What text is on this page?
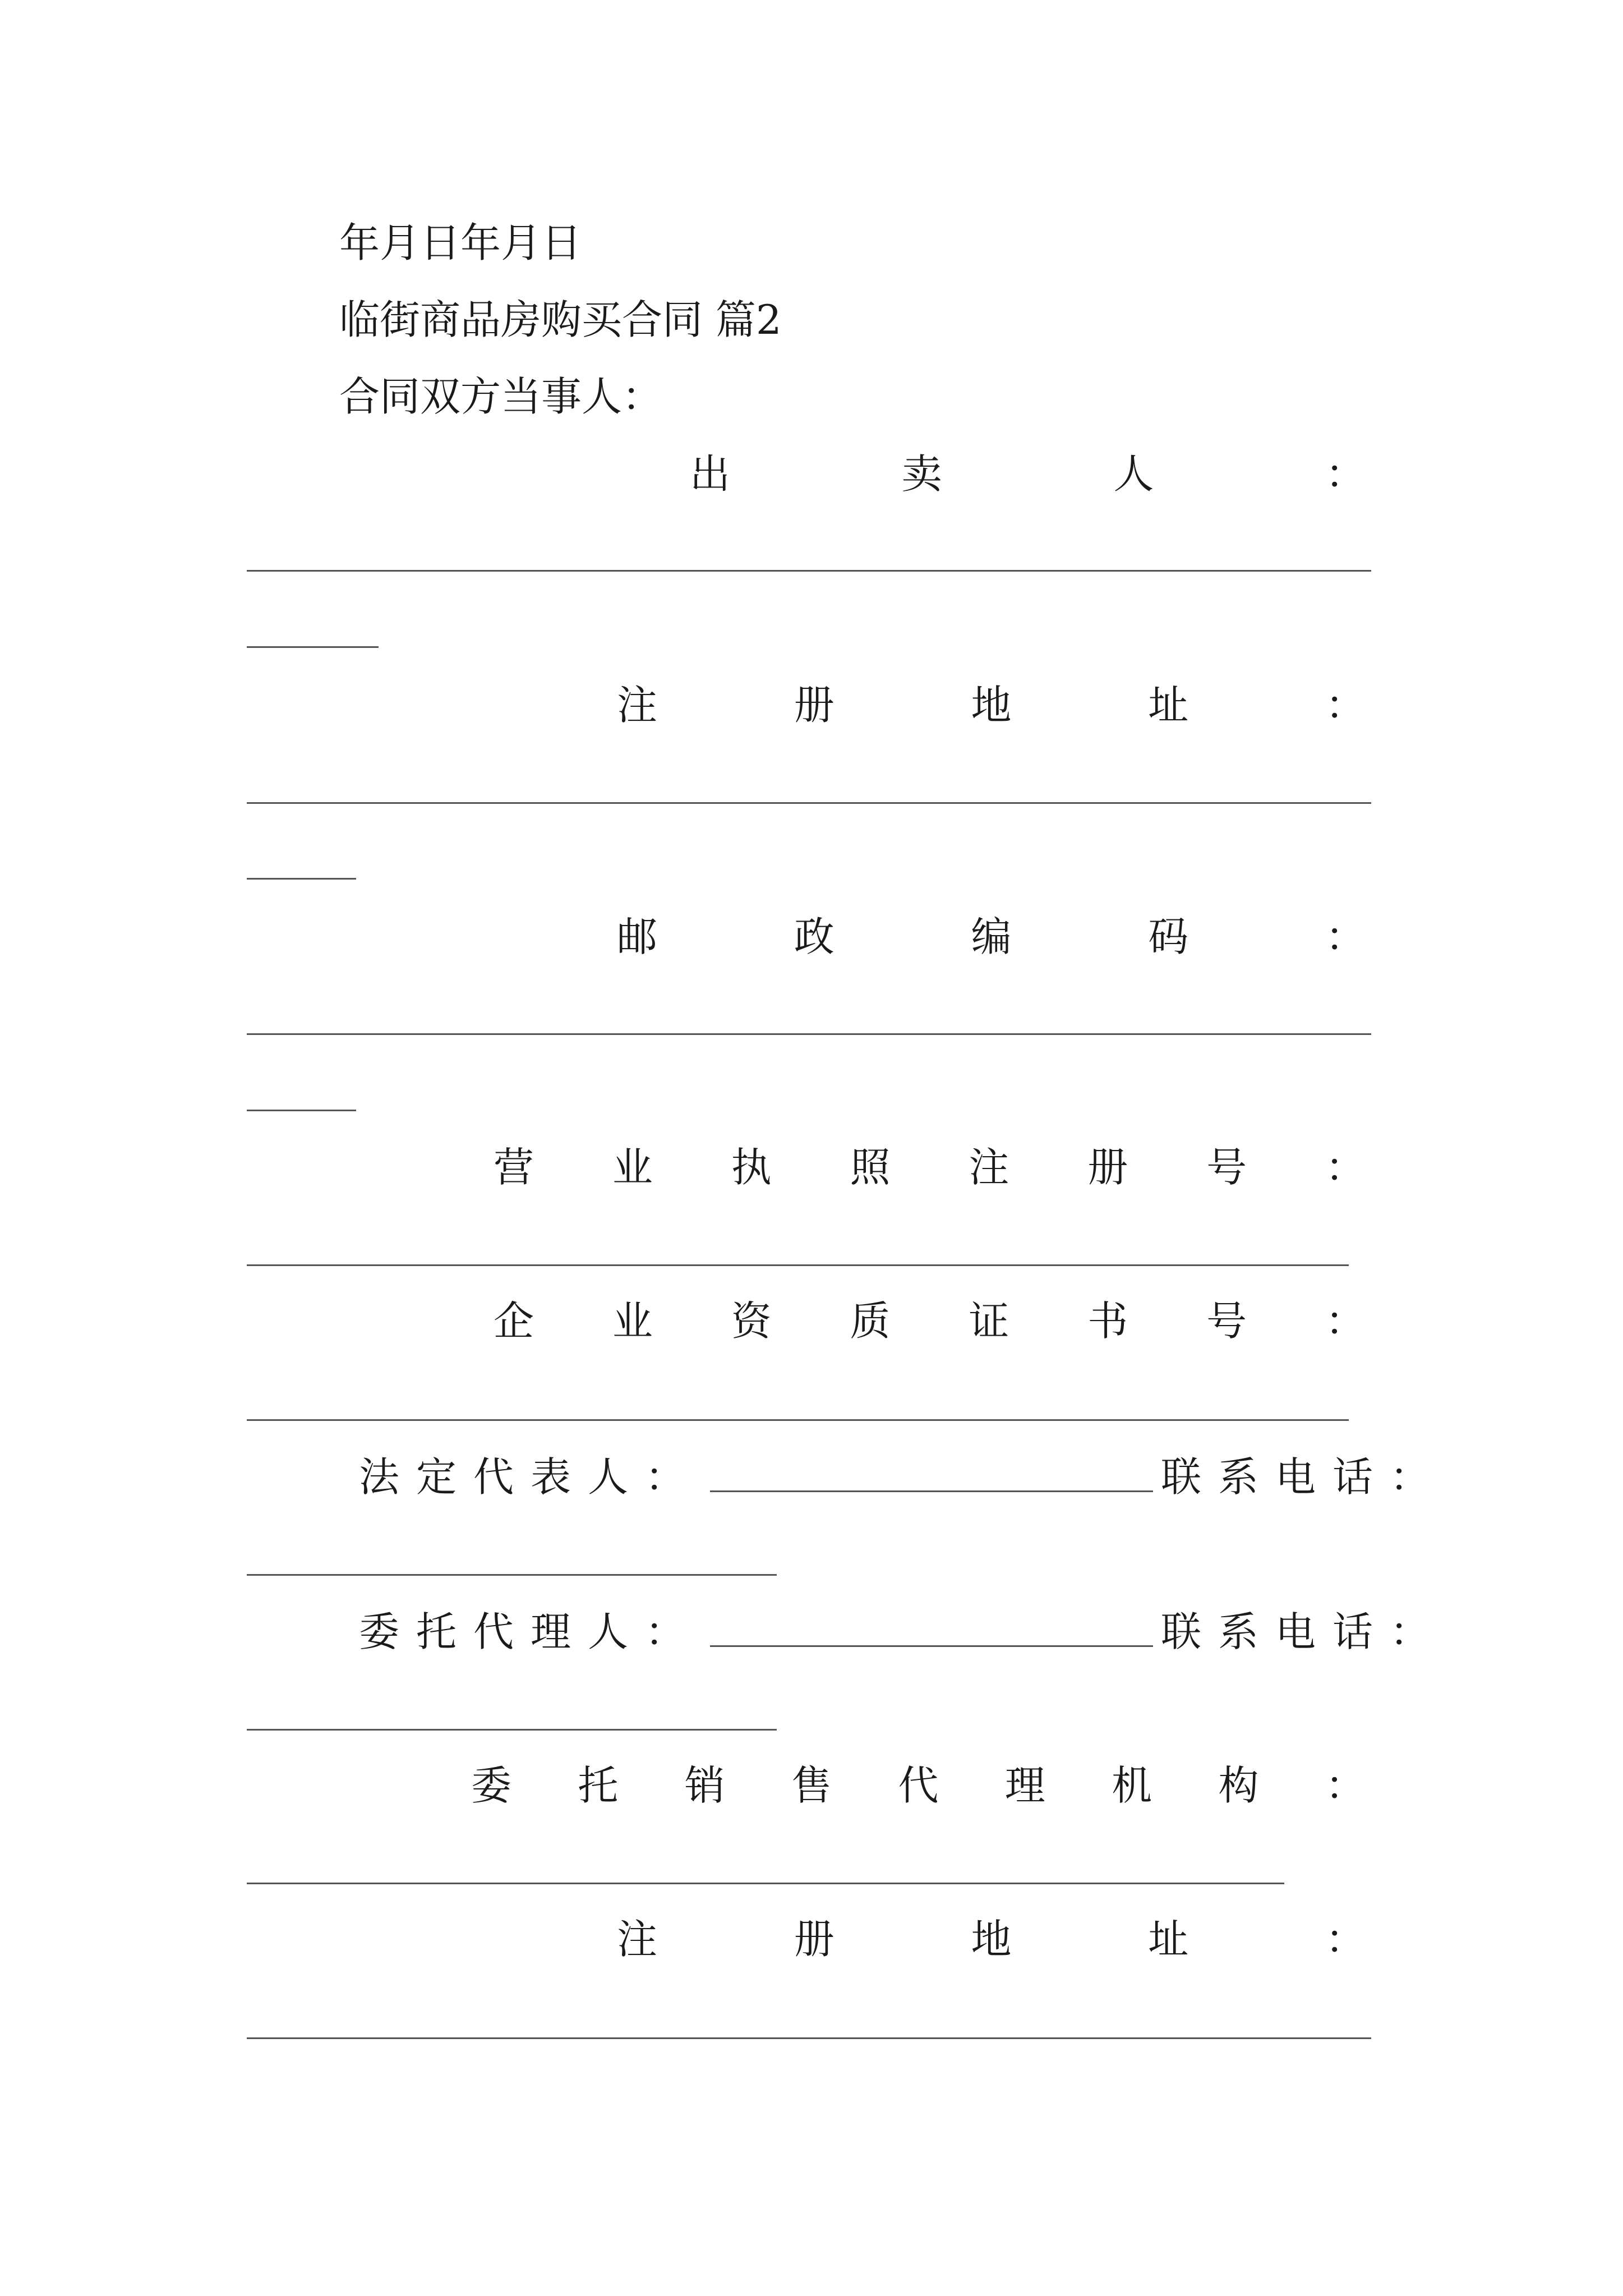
年月日年月日
临街商品房购买合同 篇2
合同双方当事人：
出	卖	人	：
注	册	地	址	：
邮	政	编	码	：
营 业 执 照 注 册 号 ：
企 业 资 质 证 书 号 ：
法定代表人：	联系电话：
委托代理人：	联系电话：
委 托 销 售 代 理 机 构 ：
注	册	地	址	：
